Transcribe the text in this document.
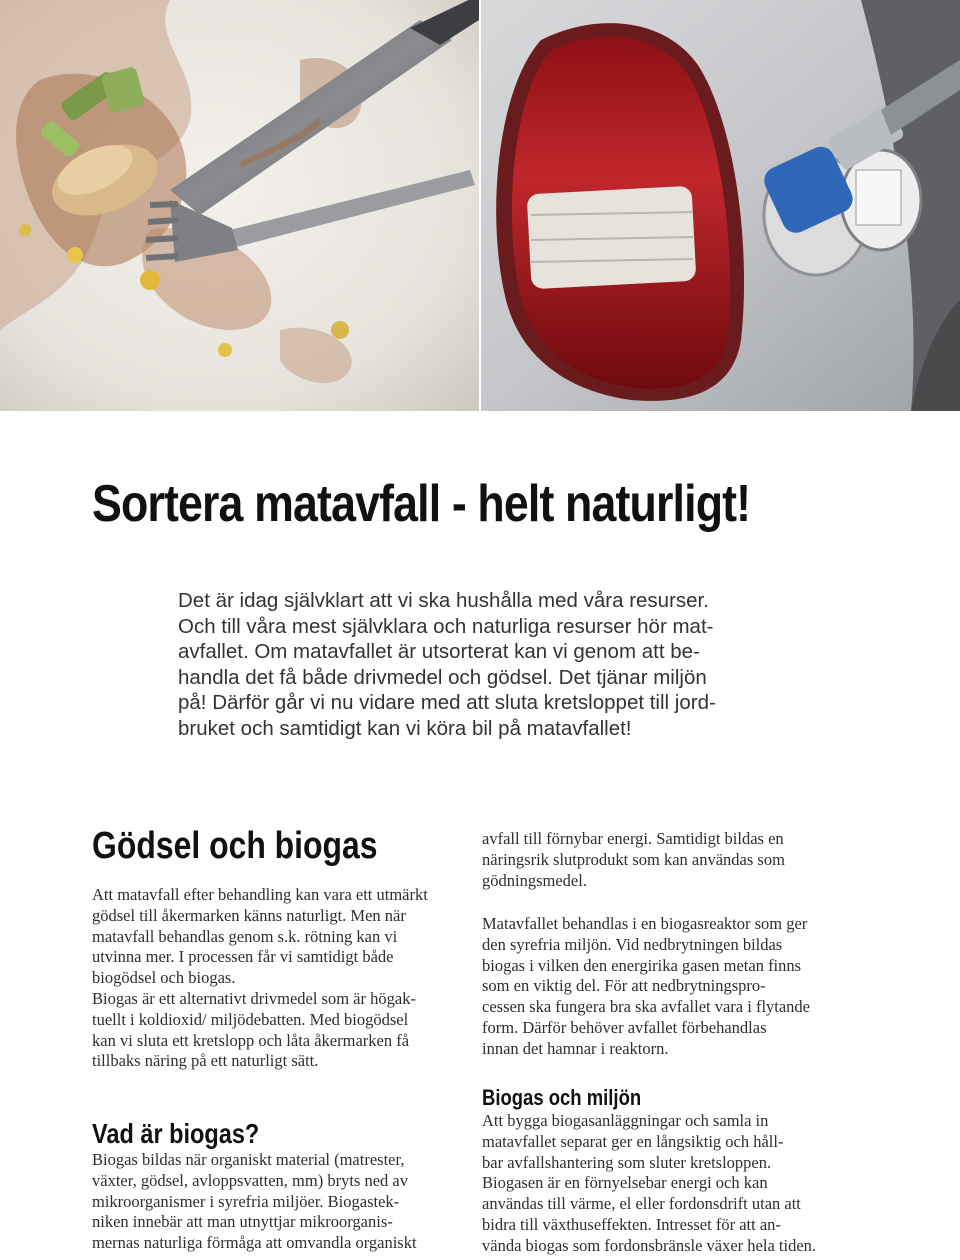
Sortera matavfall - helt naturligt!
Det är idag självklart att vi ska hushålla med våra resurser.
Och till våra mest självklara och naturliga resurser hör mat-
avfallet. Om matavfallet är utsorterat kan vi genom att be-
handla det få både drivmedel och gödsel. Det tjänar miljön
på! Därför går vi nu vidare med att sluta kretsloppet till jord-
bruket och samtidigt kan vi köra bil på matavfallet!
Gödsel och biogas
Att matavfall efter behandling kan vara ett utmärkt
gödsel till åkermarken känns naturligt. Men när
matavfall behandlas genom s.k. rötning kan vi
utvinna mer. I processen får vi samtidigt både
biogödsel och biogas.
Biogas är ett alternativt drivmedel som är högak-
tuellt i koldioxid/ miljödebatten. Med biogödsel
kan vi sluta ett kretslopp och låta åkermarken få
tillbaks näring på ett naturligt sätt.
Vad är biogas?
Biogas bildas när organiskt material (matrester,
växter, gödsel, avloppsvatten, mm) bryts ned av
mikroorganismer i syrefria miljöer. Biogastek-
niken innebär att man utnyttjar mikroorganis-
mernas naturliga förmåga att omvandla organiskt
avfall till förnybar energi. Samtidigt bildas en
näringsrik slutprodukt som kan användas som
gödningsmedel.
Matavfallet behandlas i en biogasreaktor som ger
den syrefria miljön. Vid nedbrytningen bildas
biogas i vilken den energirika gasen metan finns
som en viktig del. För att nedbrytningspro-
cessen ska fungera bra ska avfallet vara i flytande
form. Därför behöver avfallet förbehandlas
innan det hamnar i reaktorn.
Biogas och miljön
Att bygga biogasanläggningar och samla in
matavfallet separat ger en långsiktig och håll-
bar avfallshantering som sluter kretsloppen.
Biogasen är en förnyelsebar energi och kan
användas till värme, el eller fordonsdrift utan att
bidra till växthuseffekten. Intresset för att an-
vända biogas som fordonsbränsle växer hela tiden.
